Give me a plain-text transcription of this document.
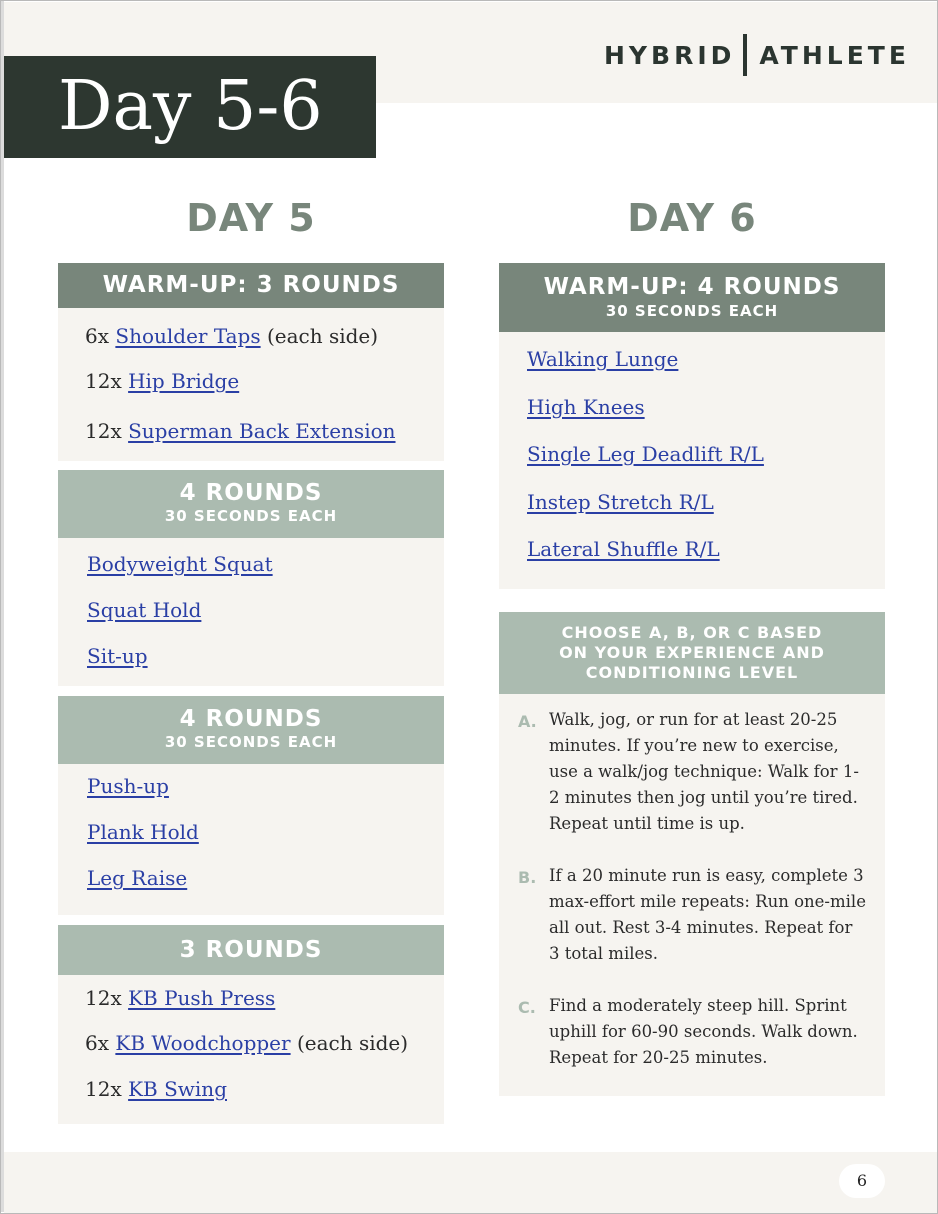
HYBRID ATHLETE
Day 5-6
DAY 5
WARM-UP: 3 ROUNDS
6x Shoulder Taps (each side)
12x Hip Bridge
12x Superman Back Extension
4 ROUNDS
30 SECONDS EACH
Bodyweight Squat
Squat Hold
Sit-up
4 ROUNDS
30 SECONDS EACH
Push-up
Plank Hold
Leg Raise
3 ROUNDS
12x KB Push Press
6x KB Woodchopper (each side)
12x KB Swing
DAY 6
WARM-UP: 4 ROUNDS
30 SECONDS EACH
Walking Lunge
High Knees
Single Leg Deadlift R/L
Instep Stretch R/L
Lateral Shuffle R/L
CHOOSE A, B, OR C BASED
ON YOUR EXPERIENCE AND
CONDITIONING LEVEL
A. Walk, jog, or run for at least 20-25 minutes. If you’re new to exercise, use a walk/jog technique: Walk for 1-2 minutes then jog until you’re tired. Repeat until time is up.
B. If a 20 minute run is easy, complete 3 max-effort mile repeats: Run one-mile all out. Rest 3-4 minutes. Repeat for 3 total miles.
C. Find a moderately steep hill. Sprint uphill for 60-90 seconds. Walk down. Repeat for 20-25 minutes.
6
